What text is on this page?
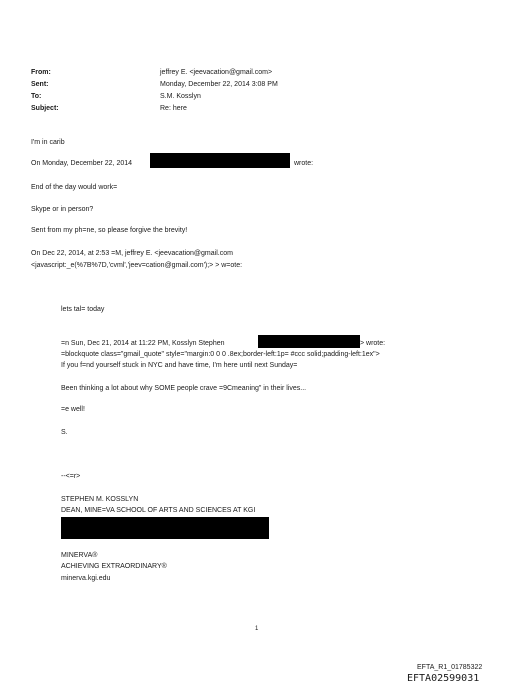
From:
Sent:
To:
Subject:
jeffrey E. <jeevacation@gmail.com>
Monday, December 22, 2014 3:08 PM
S.M. Kosslyn
Re: here
I'm in carib
On Monday, December 22, 2014	wrote:
End of the day would work=
Skype or in person?
Sent from my ph=ne, so please forgive the brevity!
On Dec 22, 2014, at 2:53 =M, jeffrey E. <jeevacation@gmail.com
<javascript:_e(%7B%7D,'cvml','jeev=cation@gmail.com');> > w=ote:
lets tal= today
=n Sun, Dec 21, 2014 at 11:22 PM, Kosslyn Stephen	> wrote:
=blockquote class="gmail_quote" style="margin:0 0 0 .8ex;border-left:1p= #ccc solid;padding-left:1ex">
If you f=nd yourself stuck in NYC and have time, I'm here until next Sunday=
Been thinking a lot about why SOME people crave =9Cmeaning" in their lives...
=e well!
S.
--<=r>
STEPHEN M. KOSSLYN
DEAN, MINE=VA SCHOOL OF ARTS AND SCIENCES AT KGI
MINERVA®
ACHIEVING EXTRAORDINARY®
minerva.kgi.edu
1
EFTA_R1_01785322
EFTA02599031
